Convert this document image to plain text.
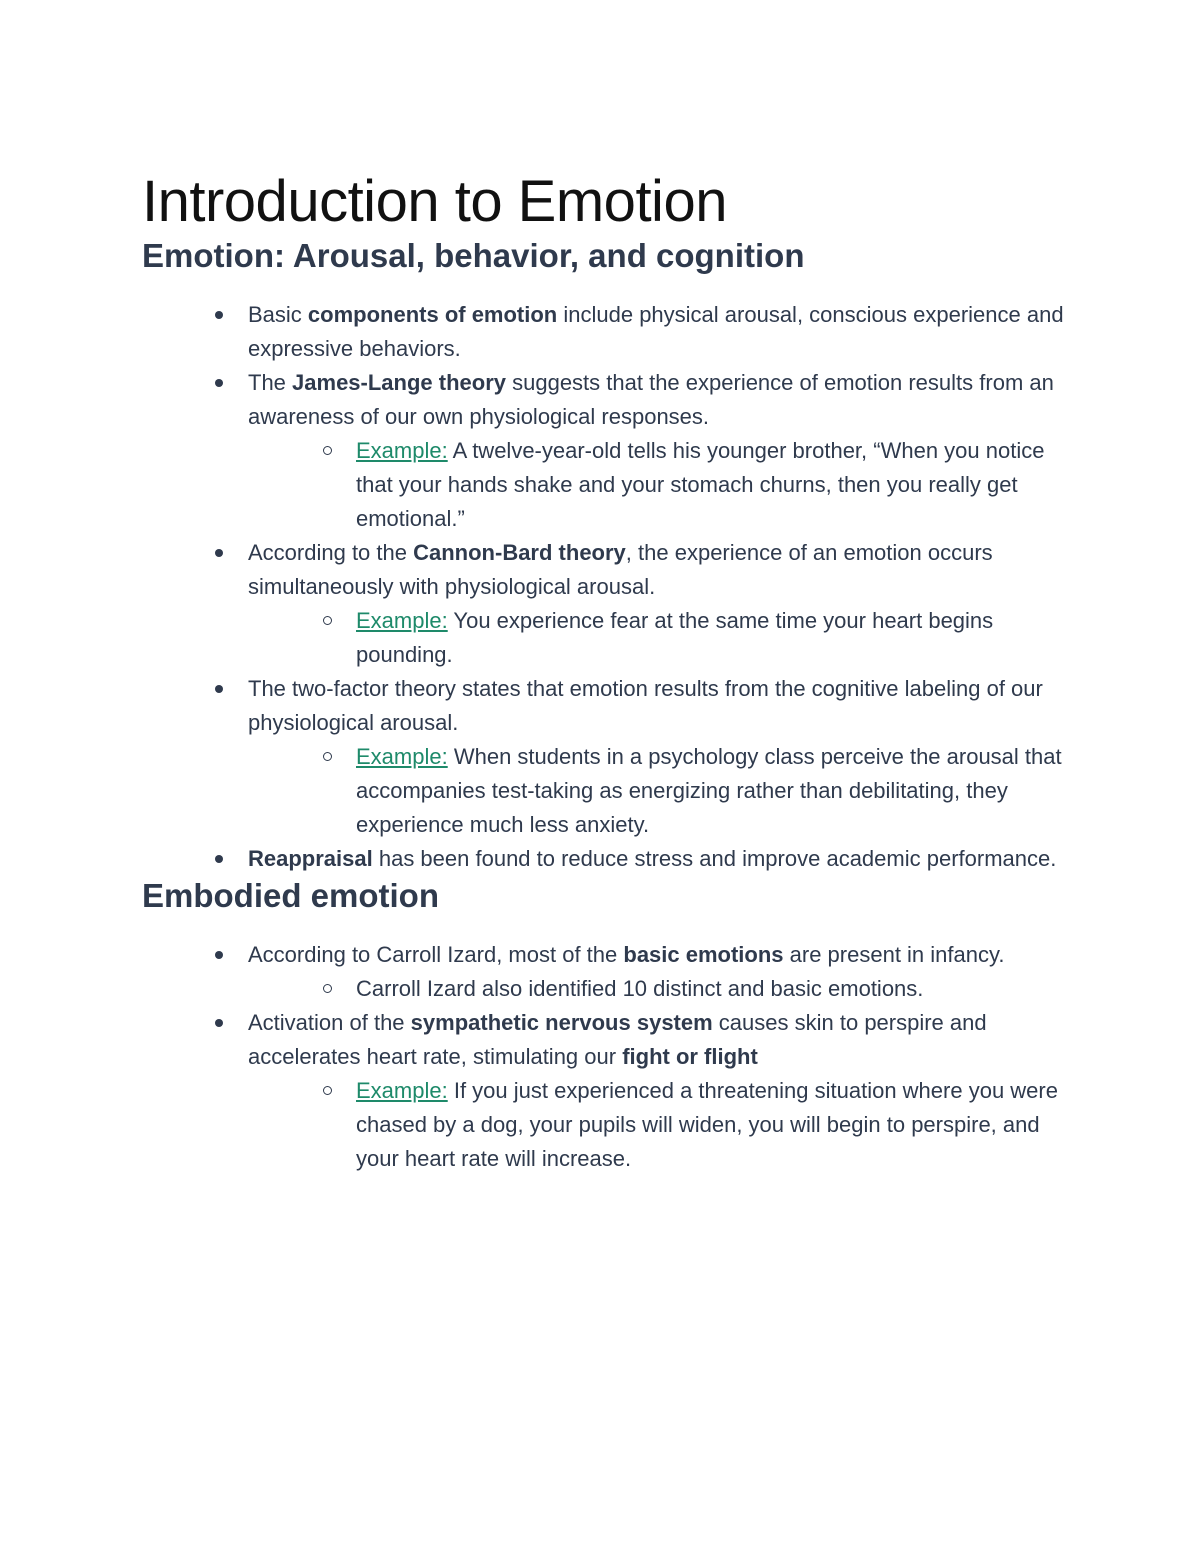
Introduction to Emotion
Emotion: Arousal, behavior, and cognition
Basic components of emotion include physical arousal, conscious experience and expressive behaviors.
The James-Lange theory suggests that the experience of emotion results from an awareness of our own physiological responses.
Example: A twelve-year-old tells his younger brother, “When you notice that your hands shake and your stomach churns, then you really get emotional.”
According to the Cannon-Bard theory, the experience of an emotion occurs simultaneously with physiological arousal.
Example: You experience fear at the same time your heart begins pounding.
The two-factor theory states that emotion results from the cognitive labeling of our physiological arousal.
Example: When students in a psychology class perceive the arousal that accompanies test-taking as energizing rather than debilitating, they experience much less anxiety.
Reappraisal has been found to reduce stress and improve academic performance.
Embodied emotion
According to Carroll Izard, most of the basic emotions are present in infancy.
Carroll Izard also identified 10 distinct and basic emotions.
Activation of the sympathetic nervous system causes skin to perspire and accelerates heart rate, stimulating our fight or flight
Example: If you just experienced a threatening situation where you were chased by a dog, your pupils will widen, you will begin to perspire, and your heart rate will increase.
